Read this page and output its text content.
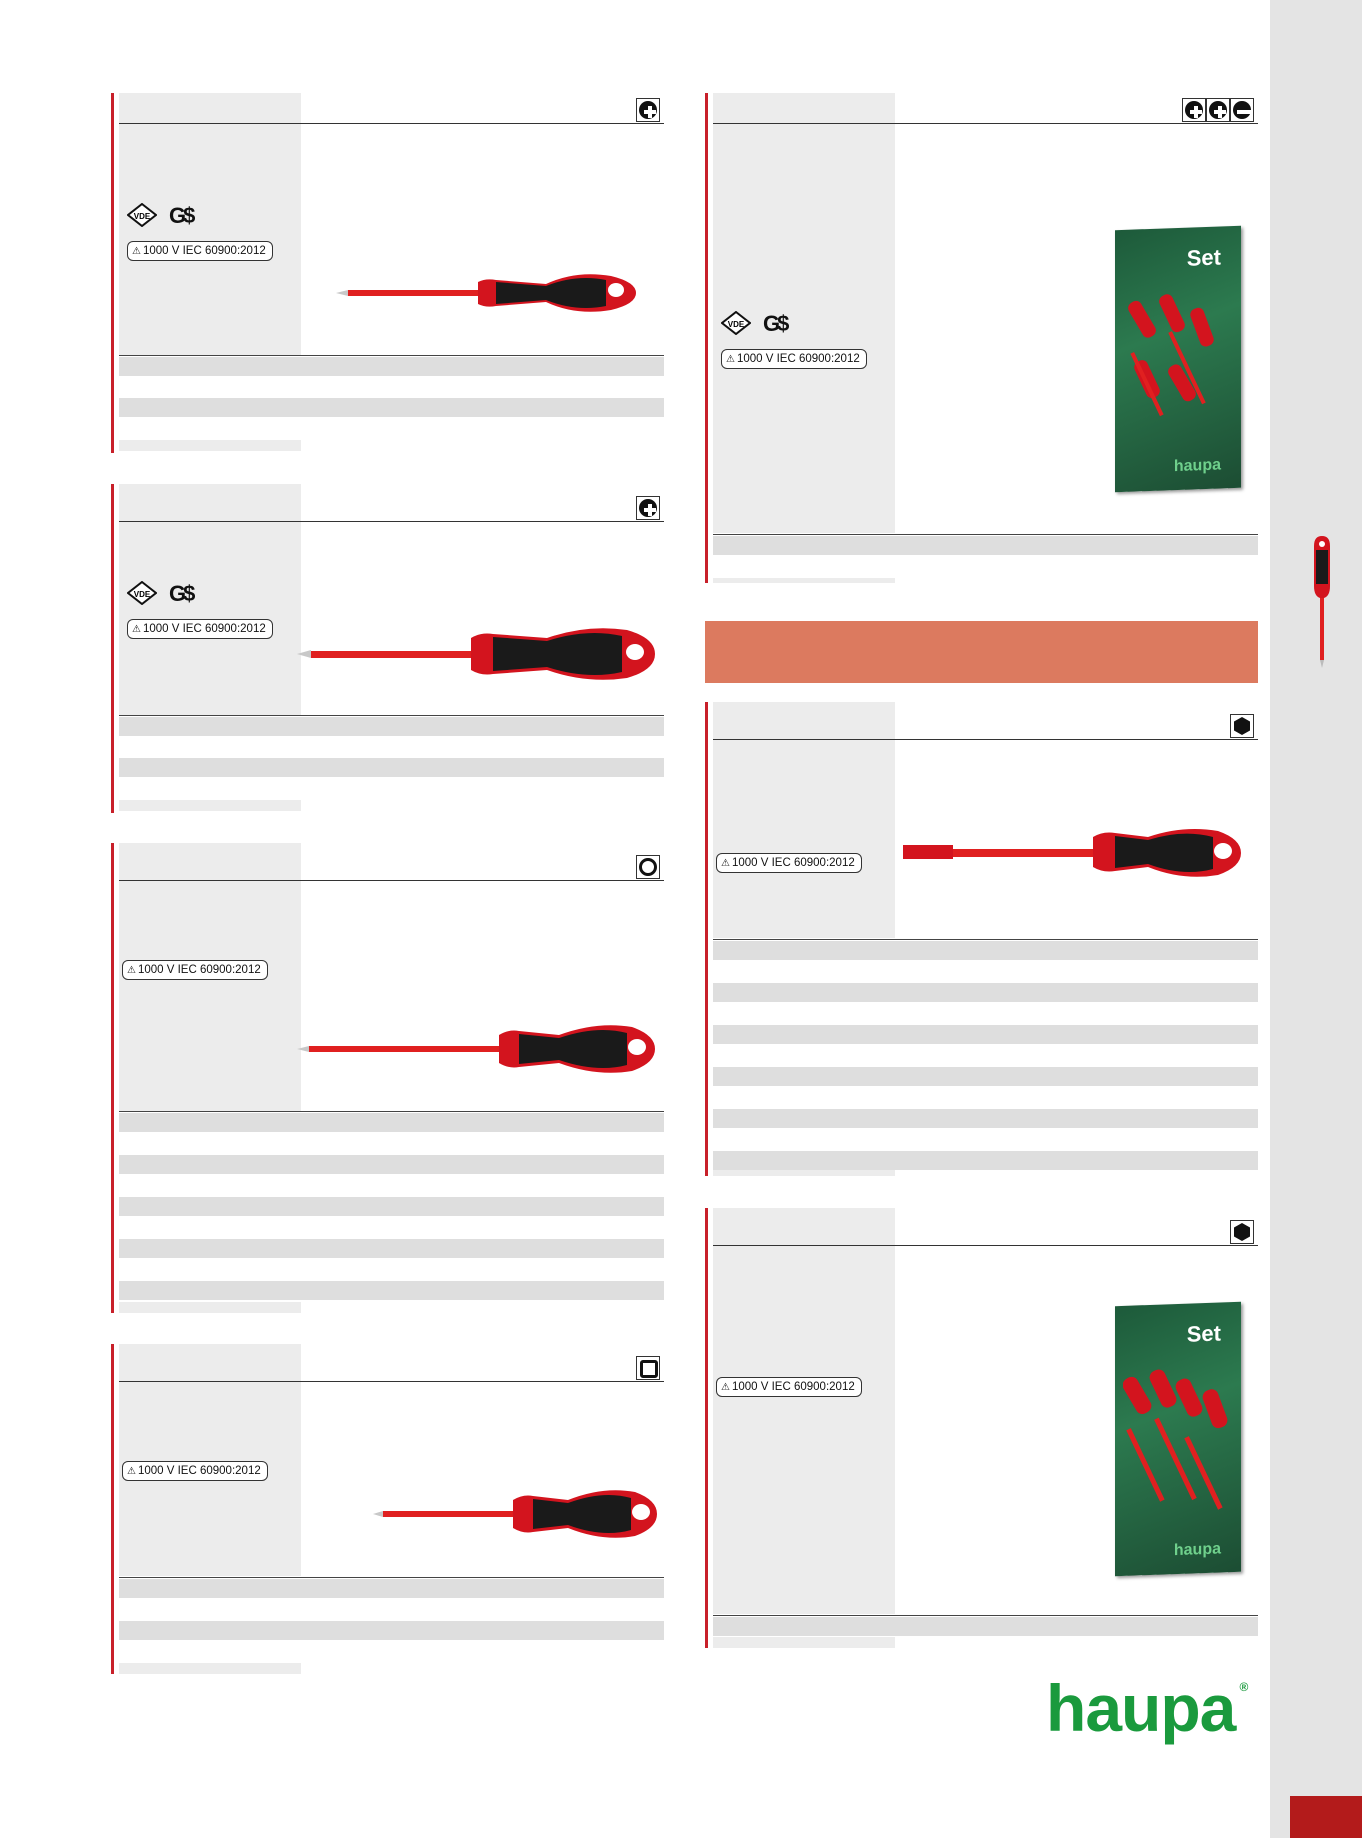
VDE G$
⚠ 1000 V IEC 60900:2012
VDE G$
⚠ 1000 V IEC 60900:2012
⚠ 1000 V IEC 60900:2012
⚠ 1000 V IEC 60900:2012
VDE G$
⚠ 1000 V IEC 60900:2012
Set
haupa
⚠ 1000 V IEC 60900:2012
⚠ 1000 V IEC 60900:2012
Set
haupa
haupa ®
